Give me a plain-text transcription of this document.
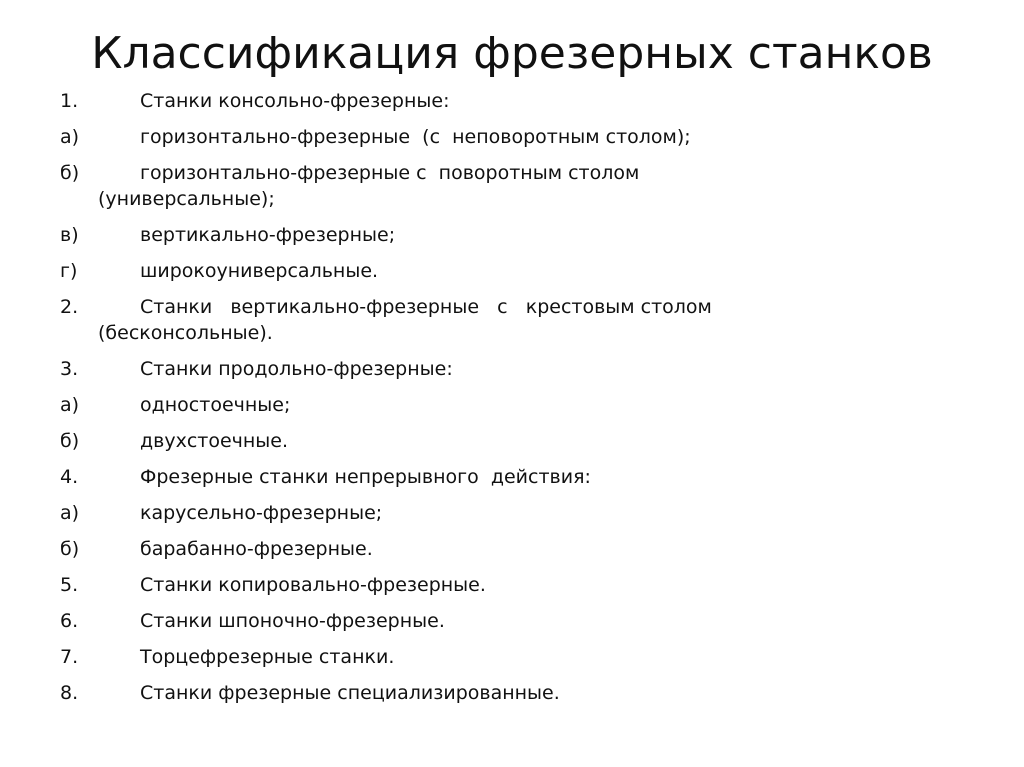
Классификация фрезерных станков
1.	Станки консольно-фрезерные:
а)	горизонтально-фрезерные  (с  неповоротным столом);
б)	горизонтально-фрезерные с  поворотным столом
(универсальные);
в)	вертикально-фрезерные;
г)	широкоуниверсальные.
2.	Станки   вертикально-фрезерные   с   крестовым столом
(бесконсольные).
3.	Станки продольно-фрезерные:
а)	одностоечные;
б)	двухстоечные.
4.	Фрезерные станки непрерывного  действия:
а)	карусельно-фрезерные;
б)	барабанно-фрезерные.
5.	Станки копировально-фрезерные.
6.	Станки шпоночно-фрезерные.
7.	Торцефрезерные станки.
8.	Станки фрезерные специализированные.
